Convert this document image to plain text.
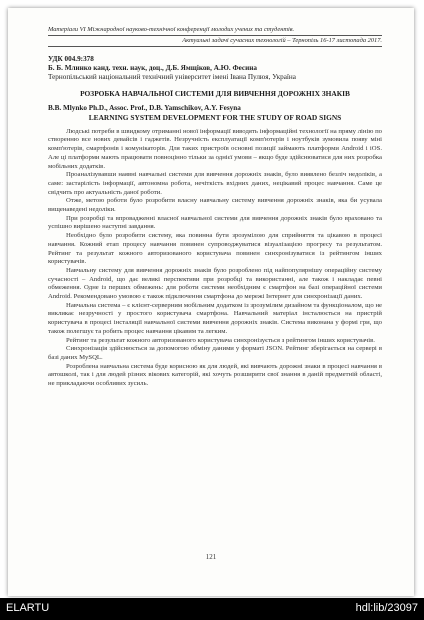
Матеріали VI Міжнародної науково-технічної конференції молодих учених та студентів.
Актуальні задачі сучасних технологій – Тернопіль 16-17 листопада 2017.
УДК 004.9:378
Б. Б. Млинко канд. техн. наук, доц., Д.Б. Ямщіков, А.Ю. Фесина
Тернопільський національний технічний університет імені Івана Пулюя, Україна
РОЗРОБКА НАВЧАЛЬНОЇ СИСТЕМИ ДЛЯ ВИВЧЕННЯ ДОРОЖНІХ ЗНАКІВ
B.B. Mlynko Ph.D., Assoc. Prof., D.B. Yamschikov, A.Y. Fesyna
LEARNING SYSTEM DEVELOPMENT FOR THE STUDY OF ROAD SIGNS

Людські потреби в швидкому отриманні нової інформації виводять інформаційні технології на пряму лінію по створенню все нових девайсів і гаджетів. Незручність експлуатації комп'ютерів і ноутбуків зумовила появу міні комп'ютерів, смартфонів і комунікаторів. Для таких пристроїв основні позиції займають платформи Android і iOS. Але ці платформи мають працювати повноцінно тільки за однієї умови – якщо буде здійснюватися для них розробка мобільних додатків.

Проаналізувавши наявні навчальні системи для вивчення дорожніх знаків, було виявлено безліч недоліків, а саме: застарілість інформації, автономна робота, нечіткість вхідних даних, нецікавий процес навчання. Саме це свідчить про актуальність даної роботи.

Отже, метою роботи було розробити власну навчальну систему вивчення дорожніх знаків, яка би усувала вищенаведені недоліки.

При розробці та впровадженні власної навчальної системи для вивчення дорожніх знаків було враховано та успішно вирішено наступні завдання.

Необхідно було розробити систему, яка повинна бути зрозумілою для сприйняття та цікавою в процесі навчання. Кожний етап процесу навчання повинен супроводжуватися візуалізацією прогресу та результатом. Рейтинг та результат кожного авторизованого користувача повинен синхронізуватися із рейтингом інших користувачів.

Навчальну систему для вивчення дорожніх знаків було розроблено під найпопулярнішу операційну систему сучасності – Android, що дає великі перспективи при розробці та використанні, але також і накладає певні обмеження. Одне із перших обмежень: для роботи системи необхідним є смартфон на базі операційної системи Android. Рекомендовано умовою є також підключення смартфона до мережі Інтернет для синхронізації даних.

Навчальна система – є клієнт-серверним мобільним додатком із зрозумілим дизайном та функціоналом, що не викликає незручності у простого користувача смартфона. Навчальний матеріал інсталюється на пристрій користувача в процесі інсталяції навчальної системи вивчення дорожніх знаків. Система виконана у формі гри, що також полегшує та робить процес навчання цікавим та легким.

Рейтинг та результат кожного авторизованого користувача синхронізується з рейтингом інших користувачів.

Синхронізація здійснюється за допомогою обміну даними у форматі JSON. Рейтинг зберігається на сервері в базі даних MySQL.

Розроблена навчальна система буде корисною як для людей, які вивчають дорожні знаки в процесі навчання в автошколі, так і для людей різних вікових категорій, які хочуть розширити свої знання в даній предметній області, не прикладаючи особливих зусиль.

121
ELARTU	hdl:lib/23097
